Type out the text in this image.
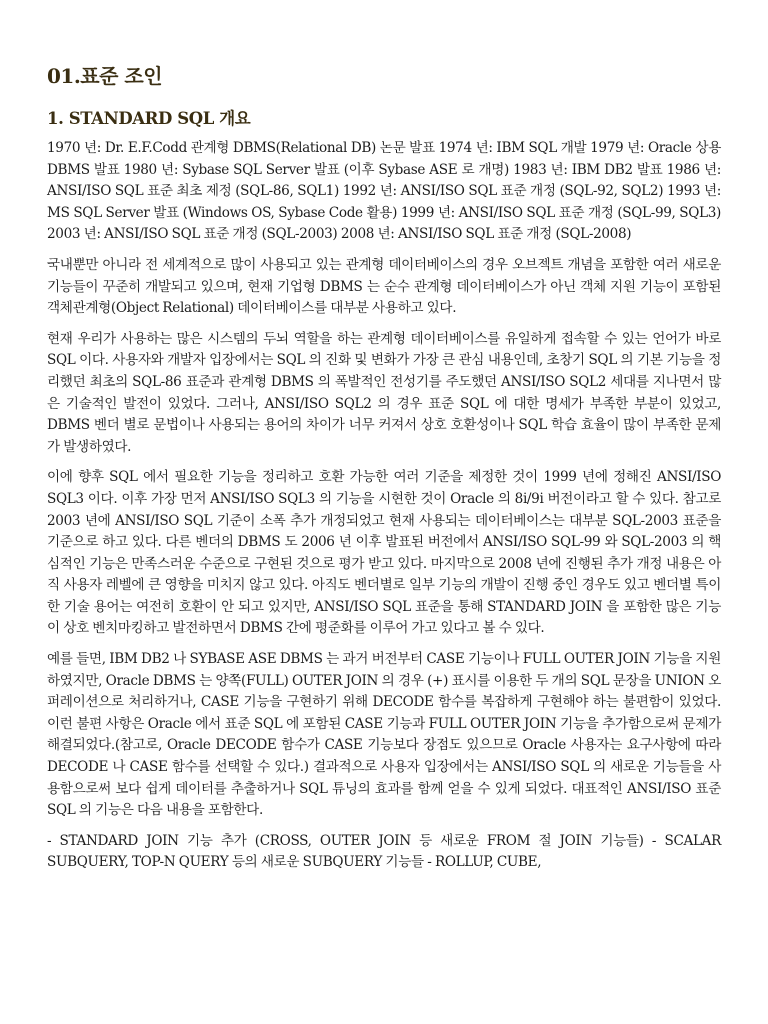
01.표준 조인
1. STANDARD SQL 개요

1970 년: Dr. E.F.Codd 관계형 DBMS(Relational DB) 논문 발표 1974 년: IBM SQL 개발 1979 년: Oracle 상용 DBMS 발표 1980 년: Sybase SQL Server 발표 (이후 Sybase ASE 로 개명) 1983 년: IBM DB2 발표 1986 년: ANSI/ISO SQL 표준 최초 제정 (SQL-86, SQL1) 1992 년: ANSI/ISO SQL 표준 개정 (SQL-92, SQL2) 1993 년: MS SQL Server 발표 (Windows OS, Sybase Code 활용) 1999 년: ANSI/ISO SQL 표준 개정 (SQL-99, SQL3) 2003 년: ANSI/ISO SQL 표준 개정 (SQL-2003) 2008 년: ANSI/ISO SQL 표준 개정 (SQL-2008)

국내뿐만 아니라 전 세계적으로 많이 사용되고 있는 관계형 데이터베이스의 경우 오브젝트 개념을 포함한 여러 새로운 기능들이 꾸준히 개발되고 있으며, 현재 기업형 DBMS 는 순수 관계형 데이터베이스가 아닌 객체 지원 기능이 포함된 객체관계형(Object Relational) 데이터베이스를 대부분 사용하고 있다.

현재 우리가 사용하는 많은 시스템의 두뇌 역할을 하는 관계형 데이터베이스를 유일하게 접속할 수 있는 언어가 바로 SQL 이다. 사용자와 개발자 입장에서는 SQL 의 진화 및 변화가 가장 큰 관심 내용인데, 초창기 SQL 의 기본 기능을 정리했던 최초의 SQL-86 표준과 관계형 DBMS 의 폭발적인 전성기를 주도했던 ANSI/ISO SQL2 세대를 지나면서 많은 기술적인 발전이 있었다. 그러나, ANSI/ISO SQL2 의 경우 표준 SQL 에 대한 명세가 부족한 부분이 있었고, DBMS 벤더 별로 문법이나 사용되는 용어의 차이가 너무 커져서 상호 호환성이나 SQL 학습 효율이 많이 부족한 문제가 발생하였다.

이에 향후 SQL 에서 필요한 기능을 정리하고 호환 가능한 여러 기준을 제정한 것이 1999 년에 정해진 ANSI/ISO SQL3 이다. 이후 가장 먼저 ANSI/ISO SQL3 의 기능을 시현한 것이 Oracle 의 8i/9i 버전이라고 할 수 있다. 참고로 2003 년에 ANSI/ISO SQL 기준이 소폭 추가 개정되었고 현재 사용되는 데이터베이스는 대부분 SQL-2003 표준을 기준으로 하고 있다. 다른 벤더의 DBMS 도 2006 년 이후 발표된 버전에서 ANSI/ISO SQL-99 와 SQL-2003 의 핵심적인 기능은 만족스러운 수준으로 구현된 것으로 평가 받고 있다. 마지막으로 2008 년에 진행된 추가 개정 내용은 아직 사용자 레벨에 큰 영향을 미치지 않고 있다. 아직도 벤더별로 일부 기능의 개발이 진행 중인 경우도 있고 벤더별 특이한 기술 용어는 여전히 호환이 안 되고 있지만, ANSI/ISO SQL 표준을 통해 STANDARD JOIN 을 포함한 많은 기능이 상호 벤치마킹하고 발전하면서 DBMS 간에 평준화를 이루어 가고 있다고 볼 수 있다.

예를 들면, IBM DB2 나 SYBASE ASE DBMS 는 과거 버전부터 CASE 기능이나 FULL OUTER JOIN 기능을 지원하였지만, Oracle DBMS 는 양쪽(FULL) OUTER JOIN 의 경우 (+) 표시를 이용한 두 개의 SQL 문장을 UNION 오퍼레이션으로 처리하거나, CASE 기능을 구현하기 위해 DECODE 함수를 복잡하게 구현해야 하는 불편함이 있었다. 이런 불편 사항은 Oracle 에서 표준 SQL 에 포함된 CASE 기능과 FULL OUTER JOIN 기능을 추가함으로써 문제가 해결되었다.(참고로, Oracle DECODE 함수가 CASE 기능보다 장점도 있으므로 Oracle 사용자는 요구사항에 따라 DECODE 나 CASE 함수를 선택할 수 있다.) 결과적으로 사용자 입장에서는 ANSI/ISO SQL 의 새로운 기능들을 사용함으로써 보다 쉽게 데이터를 추출하거나 SQL 튜닝의 효과를 함께 얻을 수 있게 되었다. 대표적인 ANSI/ISO 표준 SQL 의 기능은 다음 내용을 포함한다.

- STANDARD JOIN 기능 추가 (CROSS, OUTER JOIN 등 새로운 FROM 절 JOIN 기능들) - SCALAR SUBQUERY, TOP-N QUERY 등의 새로운 SUBQUERY 기능들 - ROLLUP, CUBE,
